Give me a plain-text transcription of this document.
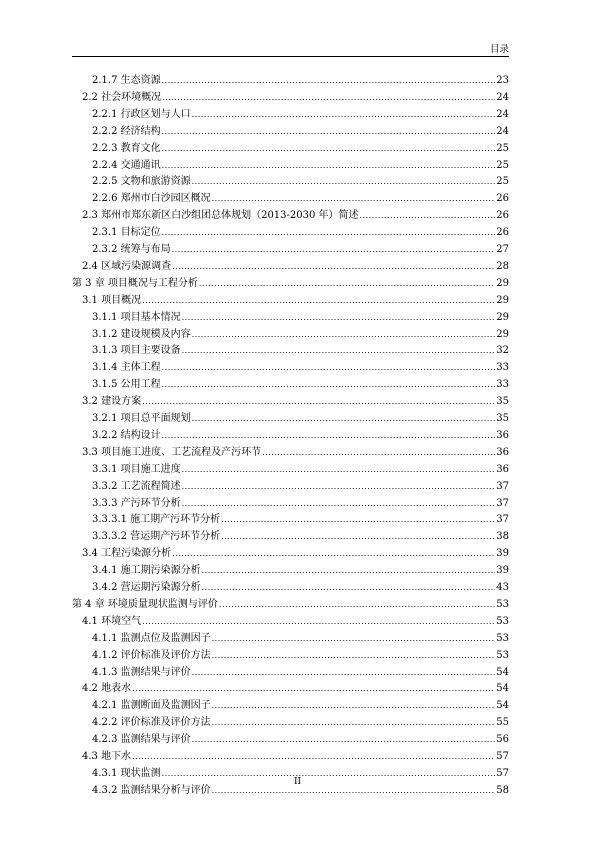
目录
2.1.7 生态资源 .....	23
2.2 社会环境概况 .....	24
2.2.1 行政区划与人口 .....	24
2.2.2 经济结构 .....	24
2.2.3 教育文化 .....	25
2.2.4 交通通讯 .....	25
2.2.5 文物和旅游资源 .....	25
2.2.6 郑州市白沙园区概况 .....	26
2.3 郑州市郑东新区白沙组团总体规划（2013-2030 年）简述 .....	26
2.3.1 目标定位 .....	26
2.3.2 统筹与布局 .....	27
2.4 区域污染源调查 .....	28
第 3 章 项目概况与工程分析 .....	29
3.1 项目概况 .....	29
3.1.1 项目基本情况 .....	29
3.1.2 建设规模及内容 .....	29
3.1.3 项目主要设备 .....	32
3.1.4 主体工程 .....	33
3.1.5 公用工程 .....	33
3.2 建设方案 .....	35
3.2.1 项目总平面规划 .....	35
3.2.2 结构设计 .....	36
3.3 项目施工进度、工艺流程及产污环节 .....	36
3.3.1 项目施工进度 .....	36
3.3.2 工艺流程简述 .....	37
3.3.3 产污环节分析 .....	37
3.3.3.1 施工期产污环节分析 .....	37
3.3.3.2 营运期产污环节分析 .....	38
3.4 工程污染源分析 .....	39
3.4.1 施工期污染源分析 .....	39
3.4.2 营运期污染源分析 .....	43
第 4 章 环境质量现状监测与评价 .....	53
4.1 环境空气 .....	53
4.1.1 监测点位及监测因子 .....	53
4.1.2 评价标准及评价方法 .....	53
4.1.3 监测结果与评价 .....	54
4.2 地表水 .....	54
4.2.1 监测断面及监测因子 .....	54
4.2.2 评价标准及评价方法 .....	55
4.2.3 监测结果与评价 .....	56
4.3 地下水 .....	57
4.3.1 现状监测 .....	57
4.3.2 监测结果分析与评价 .....	58
II
